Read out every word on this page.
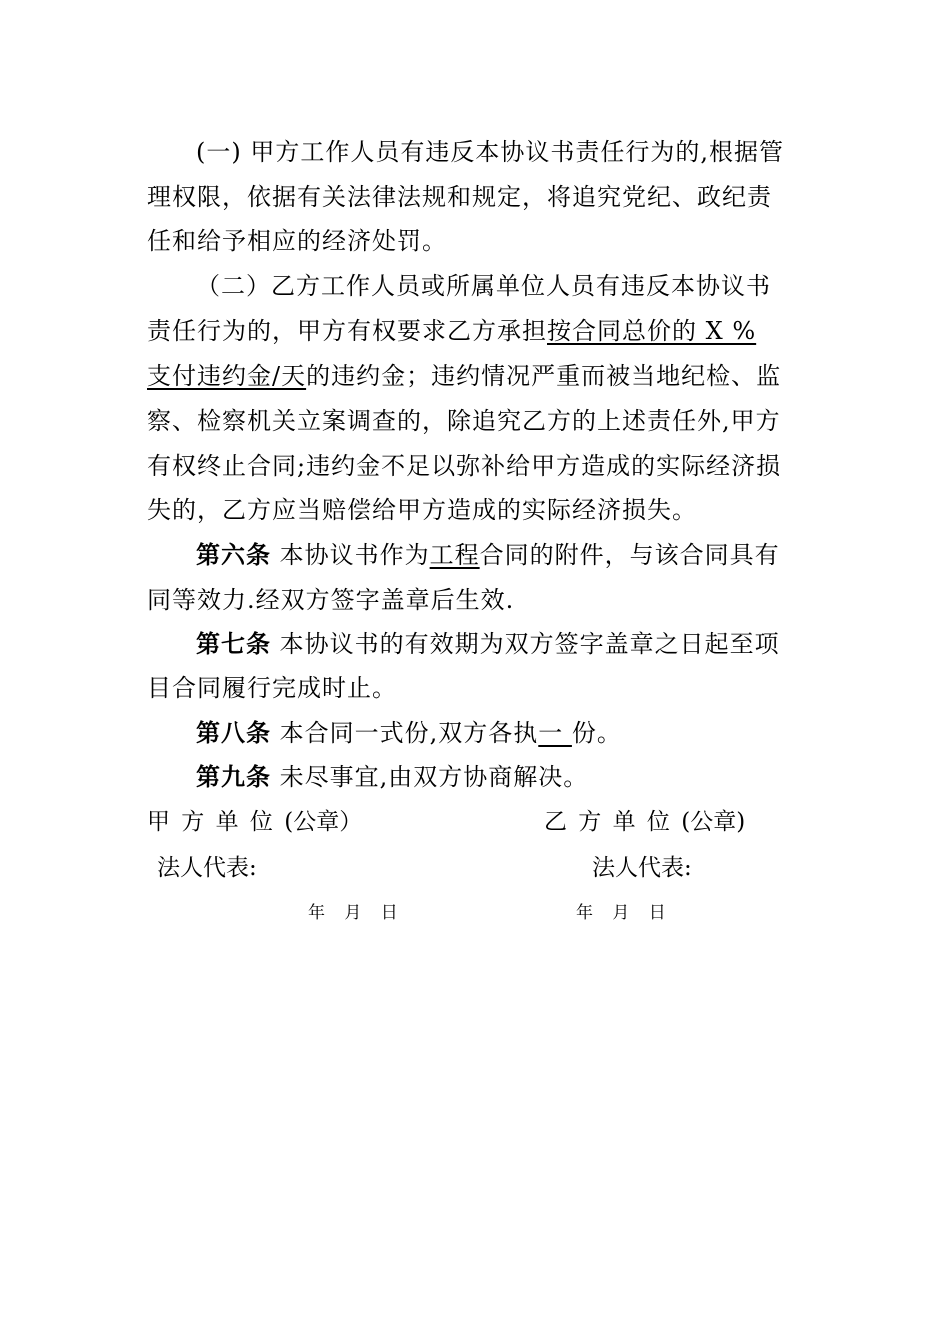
(一) 甲方工作人员有违反本协议书责任行为的,根据管
理权限，依据有关法律法规和规定，将追究党纪、政纪责
任和给予相应的经济处罚。
（二）乙方工作人员或所属单位人员有违反本协议书
责任行为的，甲方有权要求乙方承担按合同总价的 X %
支付违约金/天的违约金；违约情况严重而被当地纪检、监
察、检察机关立案调查的，除追究乙方的上述责任外,甲方
有权终止合同;违约金不足以弥补给甲方造成的实际经济损
失的，乙方应当赔偿给甲方造成的实际经济损失。
第六条 本协议书作为工程合同的附件，与该合同具有
同等效力.经双方签字盖章后生效.
第七条 本协议书的有效期为双方签字盖章之日起至项
目合同履行完成时止。
第八条 本合同一式份,双方各执一 份。
第九条 未尽事宜,由双方协商解决。
甲 方 单 位 (公章）	乙 方 单 位 (公章)
法人代表:	法人代表:
年 月 日	年 月 日
